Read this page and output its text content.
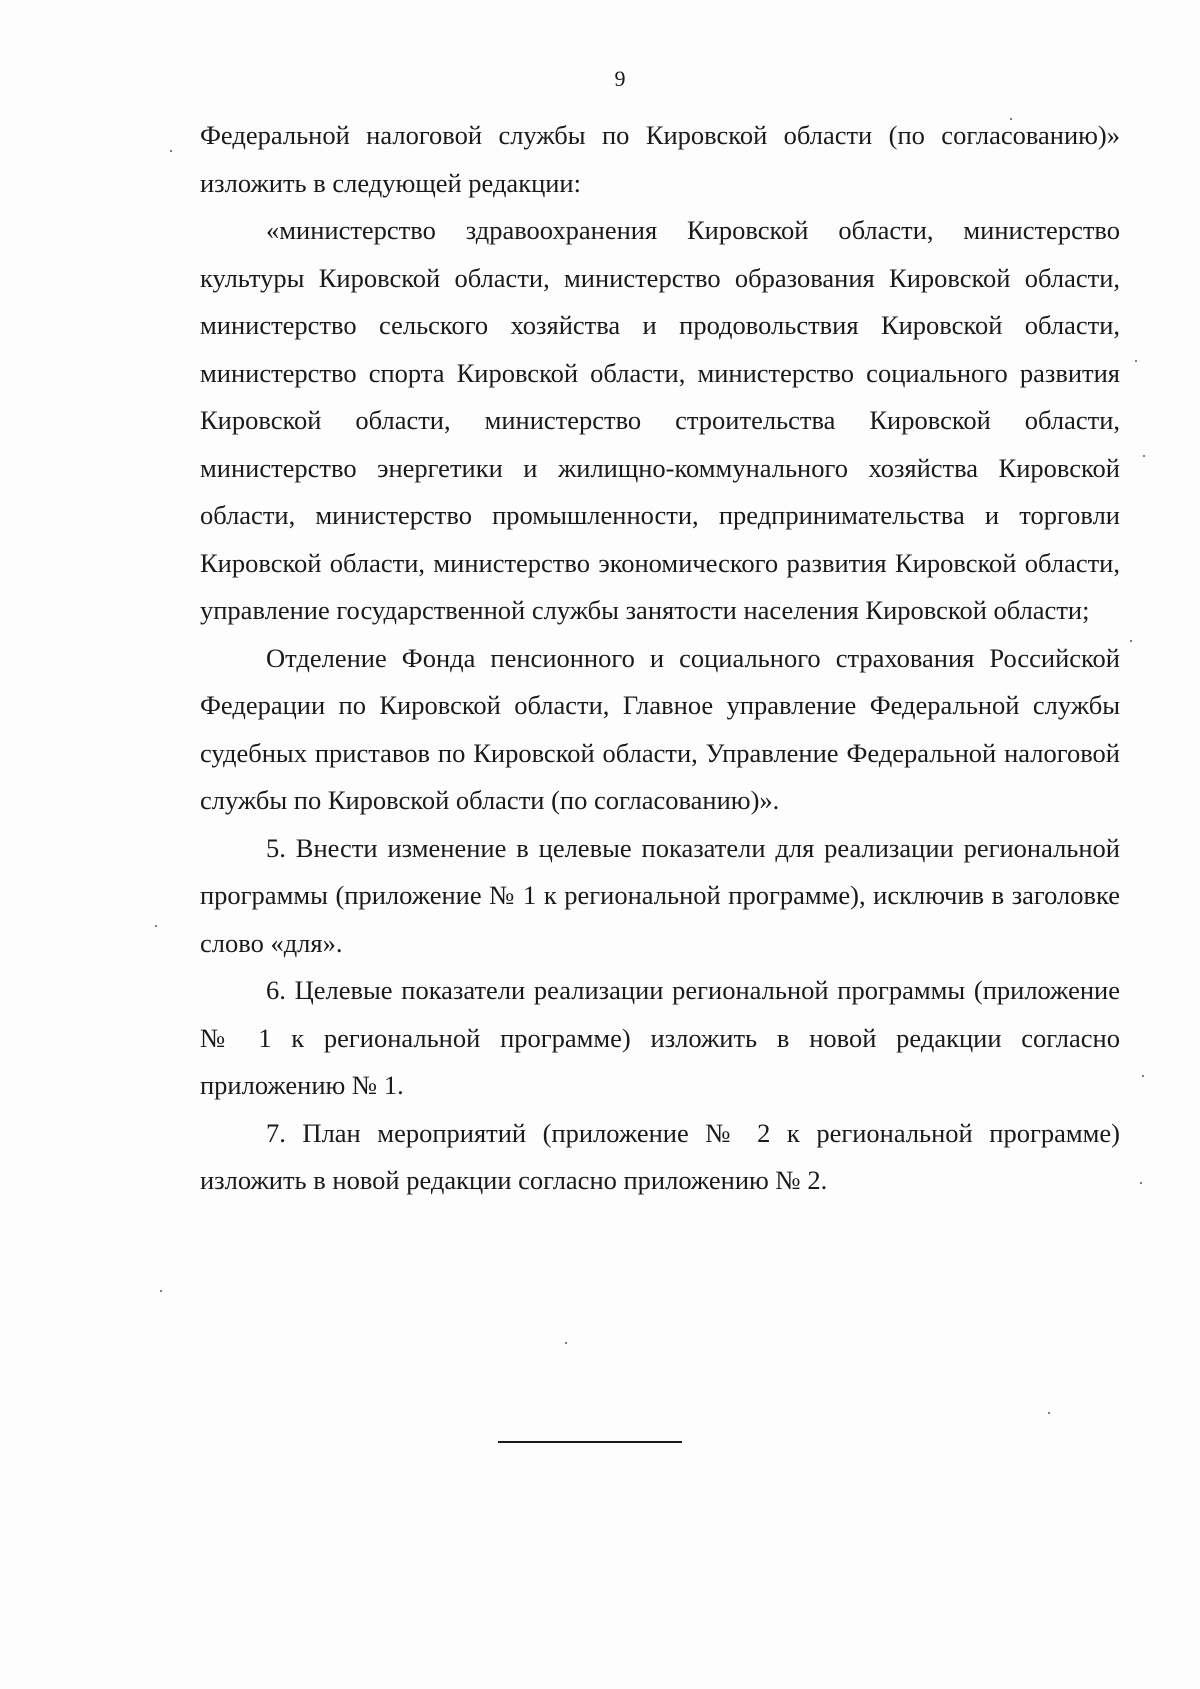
9

Федеральной налоговой службы по Кировской области (по согласованию)» изложить в следующей редакции:

«министерство здравоохранения Кировской области, министерство культуры Кировской области, министерство образования Кировской области, министерство сельского хозяйства и продовольствия Кировской области, министерство спорта Кировской области, министерство социального развития Кировской области, министерство строительства Кировской области, министерство энергетики и жилищно-коммунального хозяйства Кировской области, министерство промышленности, предпринимательства и торговли Кировской области, министерство экономического развития Кировской области, управление государственной службы занятости населения Кировской области;

Отделение Фонда пенсионного и социального страхования Российской Федерации по Кировской области, Главное управление Федеральной службы судебных приставов по Кировской области, Управление Федеральной налоговой службы по Кировской области (по согласованию)».

5. Внести изменение в целевые показатели для реализации региональной программы (приложение № 1 к региональной программе), исключив в заголовке слово «для».

6. Целевые показатели реализации региональной программы (приложение № 1 к региональной программе) изложить в новой редакции согласно приложению № 1.

7. План мероприятий (приложение № 2 к региональной программе) изложить в новой редакции согласно приложению № 2.
